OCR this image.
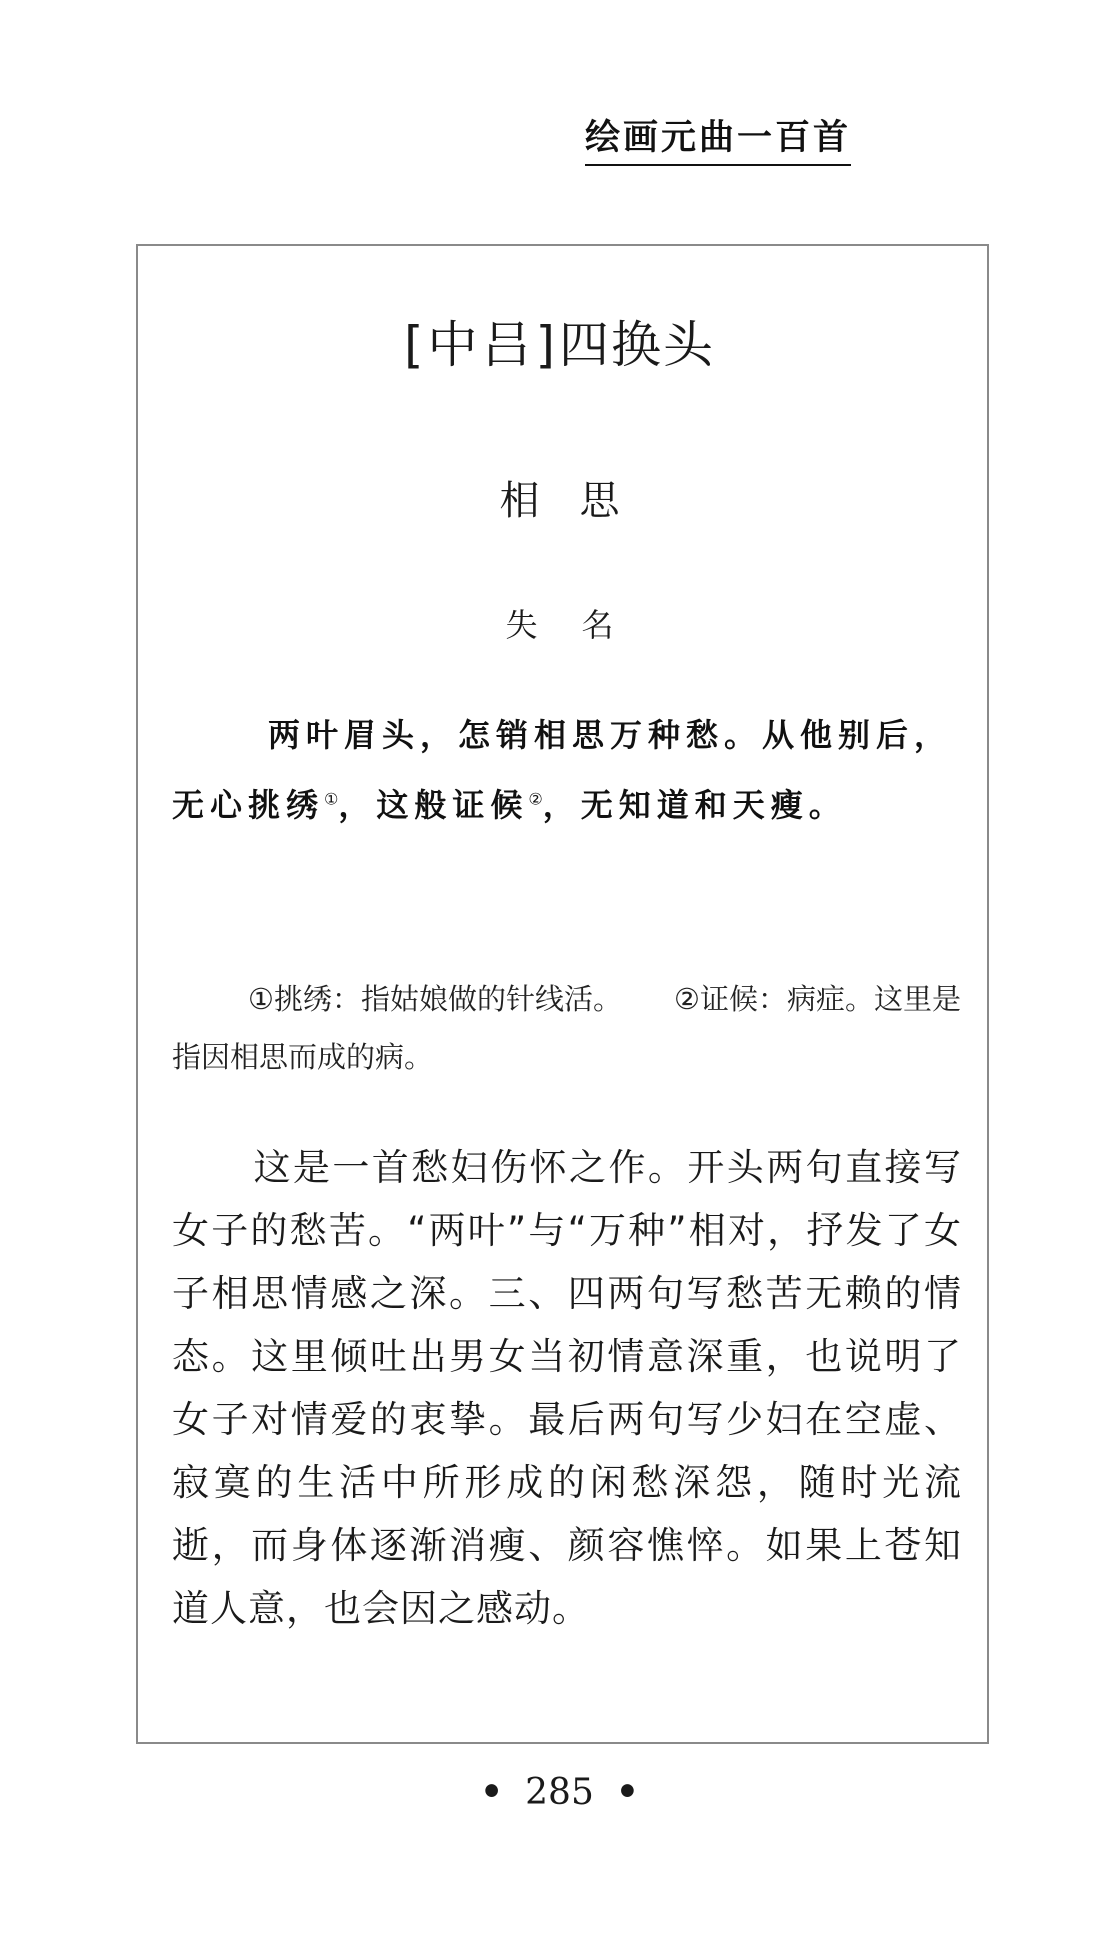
绘画元曲一百首
[中吕]四换头
相思
失名
两叶眉头，怎销相思万种愁。从他别后，无心挑绣①，这般证候②，无知道和天瘦。
①挑绣：指姑娘做的针线活。 ②证候：病症。这里是指因相思而成的病。
这是一首愁妇伤怀之作。开头两句直接写女子的愁苦。“两叶”与“万种”相对，抒发了女子相思情感之深。三、四两句写愁苦无赖的情态。这里倾吐出男女当初情意深重，也说明了女子对情爱的衷挚。最后两句写少妇在空虚、寂寞的生活中所形成的闲愁深怨，随时光流逝，而身体逐渐消瘦、颜容憔悴。如果上苍知道人意，也会因之感动。
• 285 •
